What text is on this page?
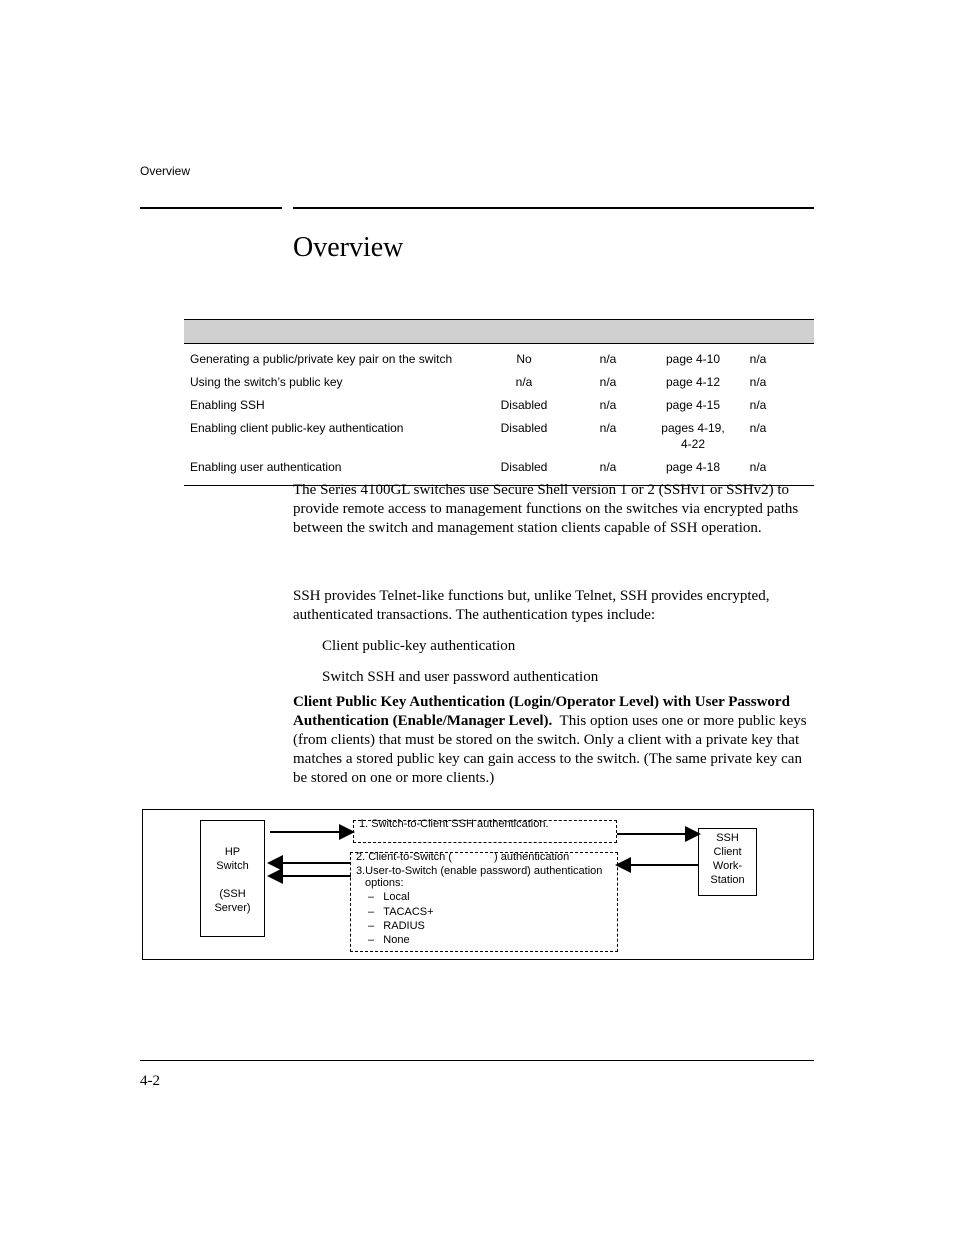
Overview
Overview
Generating a public/private key pair on the switch	No	n/a	page 4-10	n/a
Using the switch’s public key	n/a	n/a	page 4-12	n/a
Enabling SSH	Disabled	n/a	page 4-15	n/a
Enabling client public-key authentication	Disabled	n/a	pages 4-19, 4-22	n/a
Enabling user authentication	Disabled	n/a	page 4-18	n/a

The Series 4100GL switches use Secure Shell version 1 or 2 (SSHv1 or SSHv2) to provide remote access to management functions on the switches via encrypted paths between the switch and management station clients capable of SSH operation.

SSH provides Telnet-like functions but, unlike Telnet, SSH provides encrypted, authenticated transactions. The authentication types include:

Client public-key authentication
Switch SSH and user password authentication

Client Public Key Authentication (Login/Operator Level) with User Password Authentication (Enable/Manager Level). This option uses one or more public keys (from clients) that must be stored on the switch. Only a client with a private key that matches a stored public key can gain access to the switch. (The same private key can be stored on one or more clients.)

HP
Switch
(SSH
Server)
SSH
Client
Work-
Station
1. Switch-to-Client SSH authentication.
2. Client-to-Switch (	) authentication
3.User-to-Switch (enable password) authentication
options:
– Local
– TACACS+
– RADIUS
– None
4-2
